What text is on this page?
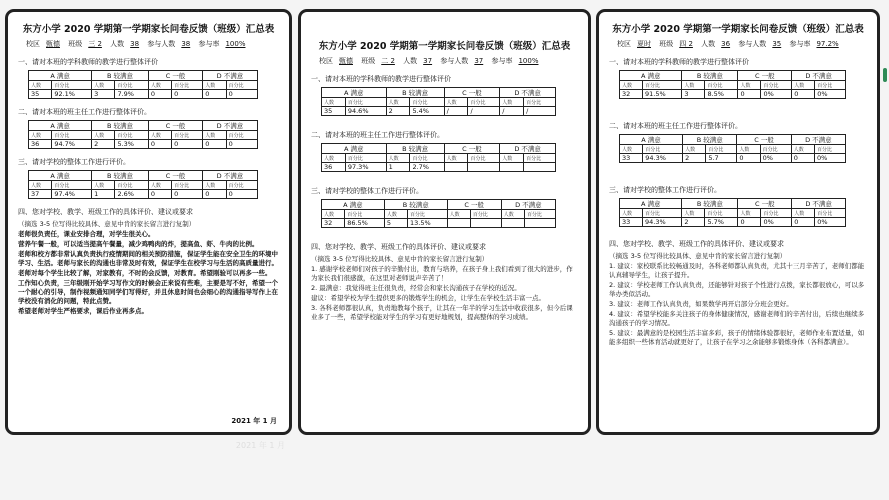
东方小学 2020 学期第一学期家长问卷反馈（班级）汇总表
校区 甄德 班级 三 2 人数 38 参与人数 38 参与率 100%
一、请对本班的学科教师的教学进行整体评价
A 满意		B 较满意		C 一般		D 不满意	
人数	百分比	人数	百分比	人数	百分比	人数	百分比
35	92.1%	3	7.9%	0	0	0	0
二、请对本班的班主任工作进行整体评价。
A 满意		B 较满意		C 一般		D 不满意	
人数	百分比	人数	百分比	人数	百分比	人数	百分比
36	94.7%	2	5.3%	0	0	0	0
三、请对学校的整体工作进行评价。
A 满意		B 较满意		C 一般		D 不满意	
人数	百分比	人数	百分比	人数	百分比	人数	百分比
37	97.4%	1	2.6%	0	0	0	0
四、您对学校、教学、班级工作的具体评价、建议或要求
（摘选 3-5 位写得比较具体、意见中肯的家长留言进行复制）
老师很负责任，课业安排合理，对学生很关心。
营养午餐一般，可以适当提高午餐量，减少鸡鸭肉的炸，提高鱼、虾、牛肉的比例。
老师和校方都非常认真负责执行疫情期间的相关预防措施，保证学生能在安全卫生的环境中学习、生活。老师与家长的沟通也非常及时有效，保证学生在校学习与生活的高质量进行。
老师对每个学生比较了解，对家教有，不时的会反馈，对教育。希望刚验可以再多一些。
工作知心负责，三年级刚开始学习写作文的时候会正来说有些难，主要是写不好，希望一个一个耐心的引导，制作视频通知同学们写得好，并且休息时间也会细心的沟通指导写作上在学校没有消化的问题，特此点赞。
希望老师对学生严格要求，课后作业再多点。
2021 年 1 月
东方小学 2020 学期第一学期家长问卷反馈（班级）汇总表
校区 甄德 班级 二 2 人数 37 参与人数 37 参与率 100%
一、请对本班的学科教师的教学进行整体评价
A 满意		B 较满意		C 一般		D 不满意	
人数	百分比	人数	百分比	人数	百分比	人数	百分比
35	94.6%	2	5.4%	/	/	/	/
二、请对本班的班主任工作进行整体评价。
A 满意		B 较满意		C 一般		D 不满意	
人数	百分比	人数	百分比	人数	百分比	人数	百分比
36	97.3%	1	2.7%				
三、请对学校的整体工作进行评价。
A 满意		B 较满意		C 一般		D 不满意	
人数	百分比	人数	百分比	人数	百分比	人数	百分比
32	86.5%	5	13.5%				
四、您对学校、教学、班级工作的具体评价、建议或要求
（摘选 3-5 位写得比较具体、意见中肯的家长留言进行复制）
1. 感谢学校老师们对孩子的辛勤付出，教育与培养，在孩子身上我们看到了很大的进步，作为家长我们很感激，在这里对老师说声辛苦了！
2. 最满意：我觉得班主任很负责，经常会和家长沟通孩子在学校的近况。
建议：希望学校为学生提供更多的锻炼学生的机会，让学生在学校生活丰富一点。
3. 各科老师都很认真，负责地教每个孩子，让其在一年半的学习生活中收获很多，但今后课业多了一些，希望学校能对学生的学习有更好地规划，提高整体的学习成绩。
东方小学 2020 学期第一学期家长问卷反馈（班级）汇总表
校区 夏时 班级 四 2 人数 36 参与人数 35 参与率 97.2%
一、请对本班的学科教师的教学进行整体评价
A 满意		B 较满意		C 一般		D 不满意	
人数	百分比	人数	百分比	人数	百分比	人数	百分比
32	91.5%	3	8.5%	0	0%	0	0%
二、请对本班的班主任工作进行整体评价。
A 满意		B 较满意		C 一般		D 不满意	
人数	百分比	人数	百分比	人数	百分比	人数	百分比
33	94.3%	2	5.7	0	0%	0	0%
三、请对学校的整体工作进行评价。
A 满意		B 较满意		C 一般		D 不满意	
人数	百分比	人数	百分比	人数	百分比	人数	百分比
33	94.3%	2	5.7%	0	0%	0	0%
四、您对学校、教学、班级工作的具体评价、建议或要求
（摘选 3-5 位写得比较具体、意见中肯的家长留言进行复制）
1. 建议：家校联系比较畅通及时，各科老师都认真负责，尤其十三月辛苦了，老师们都能认真辅导学生，让孩子提升。
2. 建议：学校老师工作认真负责，还能够针对孩子个性进行点拨，家长都很放心，可以多举办类似活动。
3. 建议：老师工作认真负责，如果数学再开启部分分班会更好。
4. 建议：希望学校能多关注孩子的身体健康情况，感谢老师们的辛苦付出，后续也继续多沟通孩子的学习情况。
5. 建议：最满意的是校园生活丰富多彩，孩子的情绪体验都很好，老师作业布置适量，如能多组织一些体育活动就更好了，让孩子在学习之余能够多锻炼身体（各科都满意）。
2021 年 1 月
